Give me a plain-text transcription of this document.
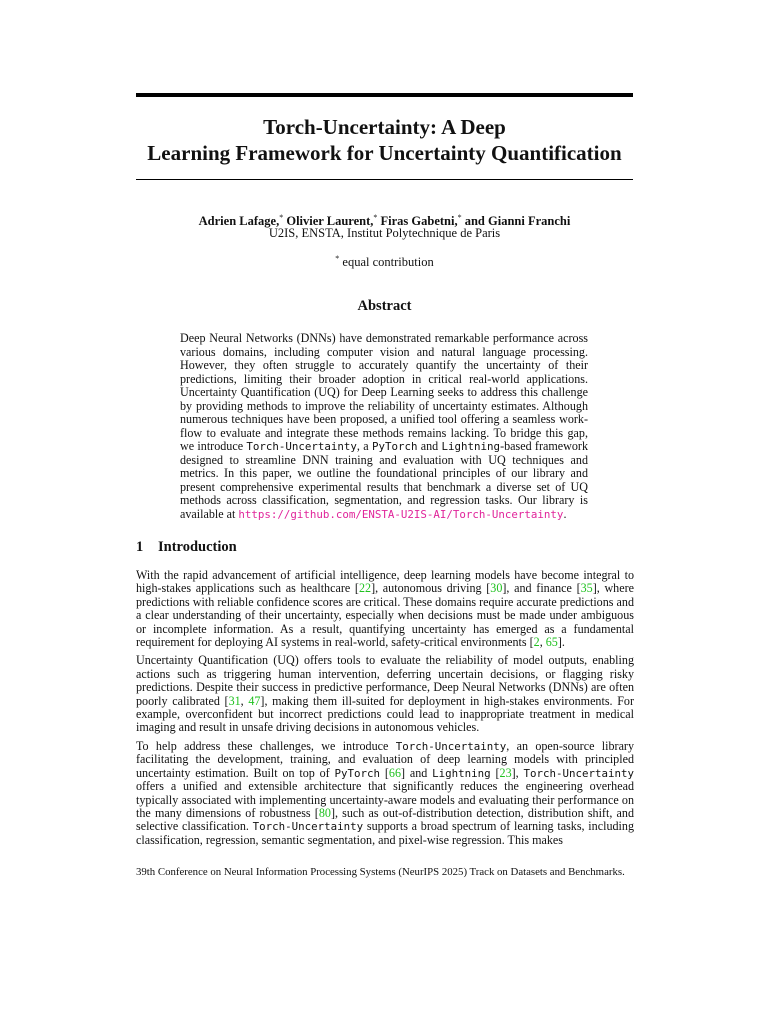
Torch-Uncertainty: A Deep
Learning Framework for Uncertainty Quantification
Adrien Lafage,* Olivier Laurent,* Firas Gabetni,* and Gianni Franchi
U2IS, ENSTA, Institut Polytechnique de Paris
* equal contribution
Abstract
Deep Neural Networks (DNNs) have demonstrated remarkable performance across various domains, including computer vision and natural language processing. However, they often struggle to accurately quantify the uncertainty of their predictions, limiting their broader adoption in critical real-world applications. Uncertainty Quantification (UQ) for Deep Learning seeks to address this challenge by providing methods to improve the reliability of uncertainty estimates. Although numerous techniques have been proposed, a unified tool offering a seamless work-flow to evaluate and integrate these methods remains lacking. To bridge this gap, we introduce Torch-Uncertainty, a PyTorch and Lightning-based framework designed to streamline DNN training and evaluation with UQ techniques and metrics. In this paper, we outline the foundational principles of our library and present comprehensive experimental results that benchmark a diverse set of UQ methods across classification, segmentation, and regression tasks. Our library is available at https://github.com/ENSTA-U2IS-AI/Torch-Uncertainty.
1 Introduction

With the rapid advancement of artificial intelligence, deep learning models have become integral to high-stakes applications such as healthcare [22], autonomous driving [30], and finance [35], where predictions with reliable confidence scores are critical. These domains require accurate predictions and a clear understanding of their uncertainty, especially when decisions must be made under ambiguous or incomplete information. As a result, quantifying uncertainty has emerged as a fundamental requirement for deploying AI systems in real-world, safety-critical environments [2, 65].

Uncertainty Quantification (UQ) offers tools to evaluate the reliability of model outputs, enabling actions such as triggering human intervention, deferring uncertain decisions, or flagging risky predictions. Despite their success in predictive performance, Deep Neural Networks (DNNs) are often poorly calibrated [31, 47], making them ill-suited for deployment in high-stakes environments. For example, overconfident but incorrect predictions could lead to inappropriate treatment in medical imaging and result in unsafe driving decisions in autonomous vehicles.

To help address these challenges, we introduce Torch-Uncertainty, an open-source library facilitating the development, training, and evaluation of deep learning models with principled uncertainty estimation. Built on top of PyTorch [66] and Lightning [23], Torch-Uncertainty offers a unified and extensible architecture that significantly reduces the engineering overhead typically associated with implementing uncertainty-aware models and evaluating their performance on the many dimensions of robustness [80], such as out-of-distribution detection, distribution shift, and selective classification. Torch-Uncertainty supports a broad spectrum of learning tasks, including classification, regression, semantic segmentation, and pixel-wise regression. This makes

39th Conference on Neural Information Processing Systems (NeurIPS 2025) Track on Datasets and Benchmarks.
